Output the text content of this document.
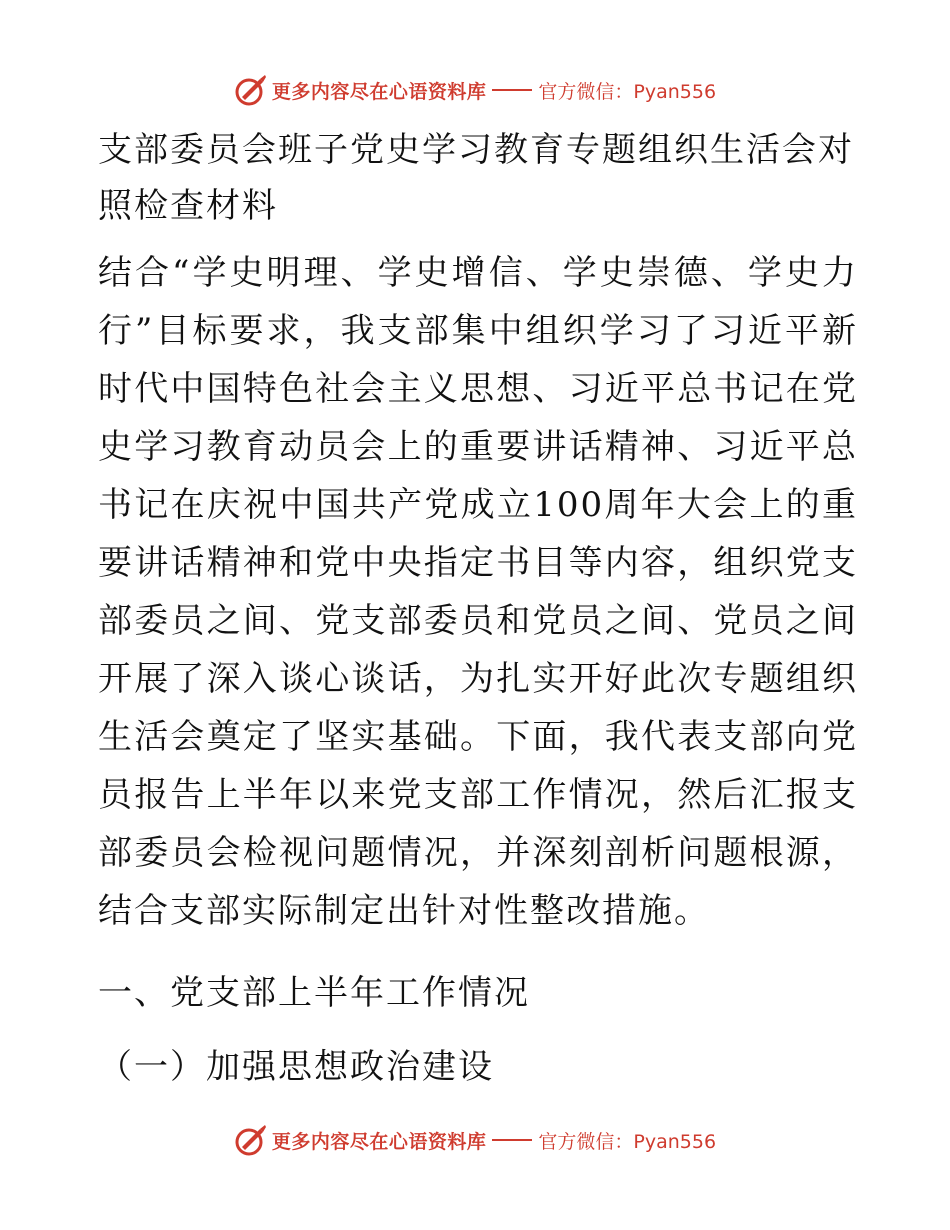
更多内容尽在心语资料库	官方微信：Pyan556
支部委员会班子党史学习教育专题组织生活会对照检查材料

结合“学史明理、学史增信、学史崇德、学史力行”目标要求，我支部集中组织学习了习近平新时代中国特色社会主义思想、习近平总书记在党史学习教育动员会上的重要讲话精神、习近平总书记在庆祝中国共产党成立100周年大会上的重要讲话精神和党中央指定书目等内容，组织党支部委员之间、党支部委员和党员之间、党员之间开展了深入谈心谈话，为扎实开好此次专题组织生活会奠定了坚实基础。下面，我代表支部向党员报告上半年以来党支部工作情况，然后汇报支部委员会检视问题情况，并深刻剖析问题根源，结合支部实际制定出针对性整改措施。

一、党支部上半年工作情况
（一）加强思想政治建设
更多内容尽在心语资料库	官方微信：Pyan556
